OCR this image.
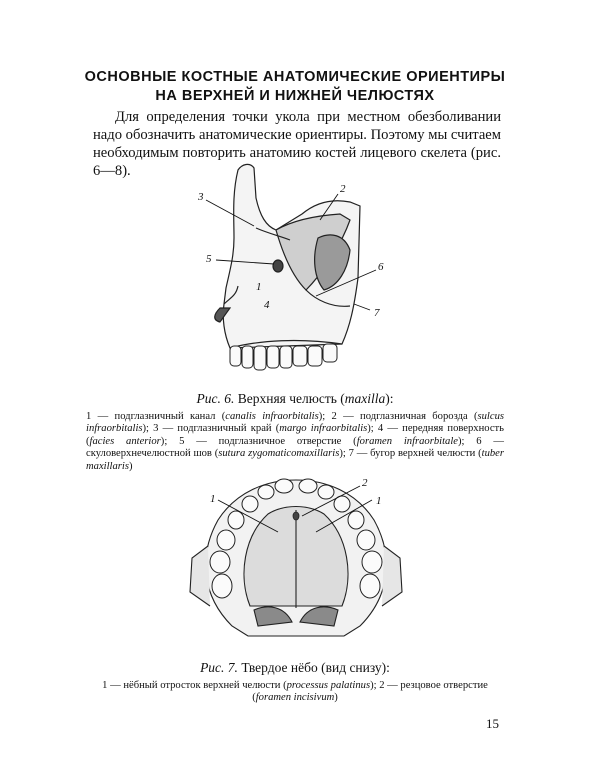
ОСНОВНЫЕ КОСТНЫЕ АНАТОМИЧЕСКИЕ ОРИЕНТИРЫ
НА ВЕРХНЕЙ И НИЖНЕЙ ЧЕЛЮСТЯХ
Для определения точки укола при местном обезболивании надо обозначить анатомические ориентиры. Поэтому мы считаем необходимым повторить анатомию костей лицевого скелета (рис. 6—8).
3
2
5
6
1
4
7
Рис. 6. Верхняя челюсть (maxilla):
1 — подглазничный канал (canalis infraorbitalis); 2 — подглазничная борозда (sulcus infraorbitalis); 3 — подглазничный край (margo infraorbitalis); 4 — передняя поверхность (facies anterior); 5 — подглазничное отверстие (foramen infraorbitale); 6 — скуловерхнечелюстной шов (sutura zygomaticomaxillaris); 7 — бугор верхней челюсти (tuber maxillaris)
1
2
1
Рис. 7. Твердое нёбо (вид снизу):
1 — нёбный отросток верхней челюсти (processus palatinus); 2 — резцовое отверстие (foramen incisivum)
15
